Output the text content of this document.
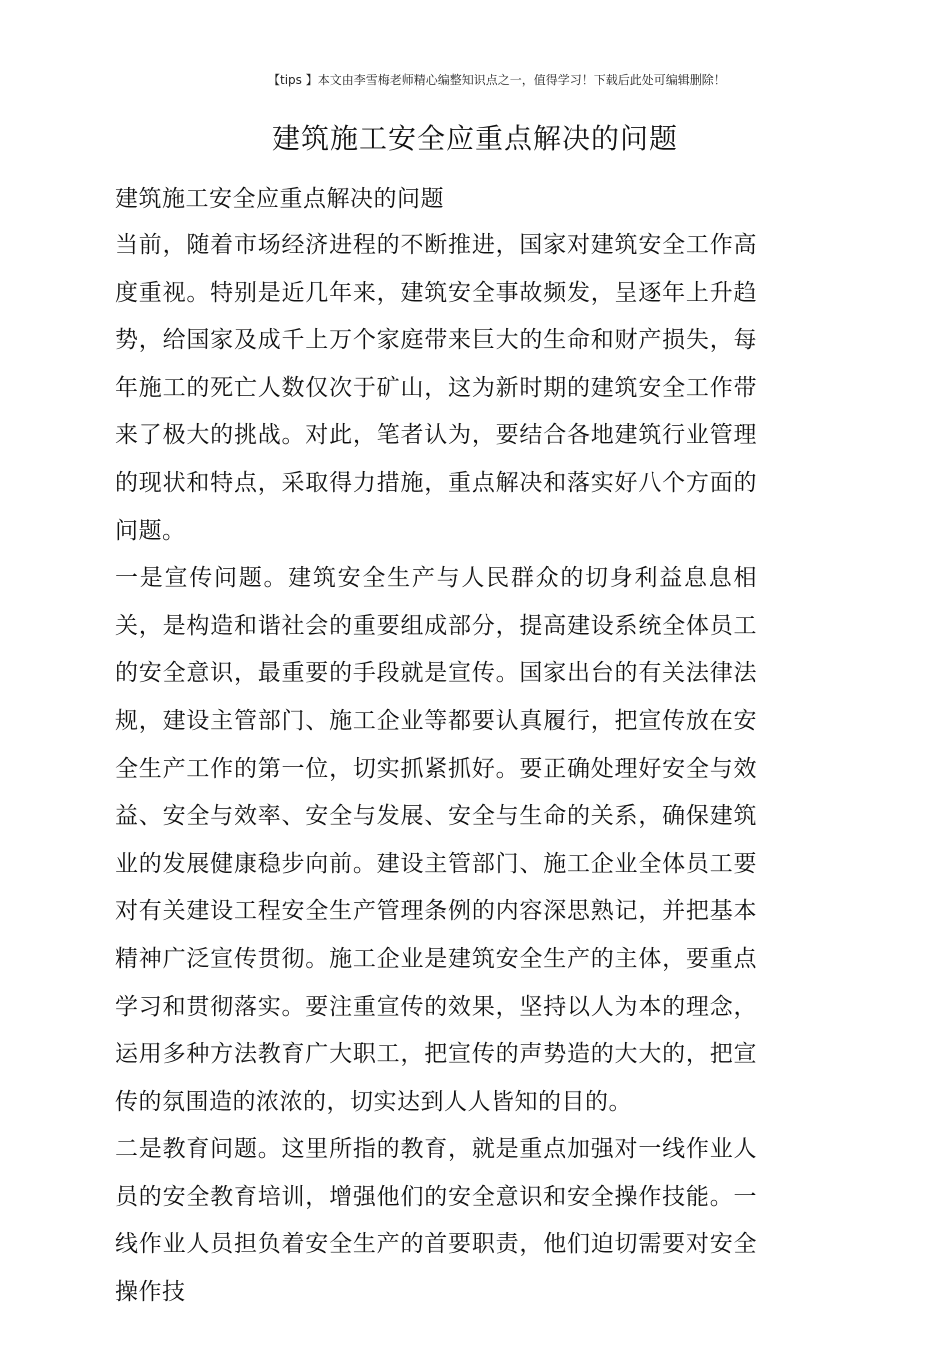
【tips 】本文由李雪梅老师精心编整知识点之一，值得学习！下载后此处可编辑删除！
建筑施工安全应重点解决的问题

建筑施工安全应重点解决的问题

当前，随着市场经济进程的不断推进，国家对建筑安全工作高度重视。特别是近几年来，建筑安全事故频发，呈逐年上升趋势，给国家及成千上万个家庭带来巨大的生命和财产损失，每年施工的死亡人数仅次于矿山，这为新时期的建筑安全工作带来了极大的挑战。对此，笔者认为，要结合各地建筑行业管理的现状和特点，采取得力措施，重点解决和落实好八个方面的问题。

一是宣传问题。建筑安全生产与人民群众的切身利益息息相关，是构造和谐社会的重要组成部分，提高建设系统全体员工的安全意识，最重要的手段就是宣传。国家出台的有关法律法规，建设主管部门、施工企业等都要认真履行，把宣传放在安全生产工作的第一位，切实抓紧抓好。要正确处理好安全与效益、安全与效率、安全与发展、安全与生命的关系，确保建筑业的发展健康稳步向前。建设主管部门、施工企业全体员工要对有关建设工程安全生产管理条例的内容深思熟记，并把基本精神广泛宣传贯彻。施工企业是建筑安全生产的主体，要重点学习和贯彻落实。要注重宣传的效果，坚持以人为本的理念，运用多种方法教育广大职工，把宣传的声势造的大大的，把宣传的氛围造的浓浓的，切实达到人人皆知的目的。

二是教育问题。这里所指的教育，就是重点加强对一线作业人员的安全教育培训，增强他们的安全意识和安全操作技能。一线作业人员担负着安全生产的首要职责，他们迫切需要对安全操作技
